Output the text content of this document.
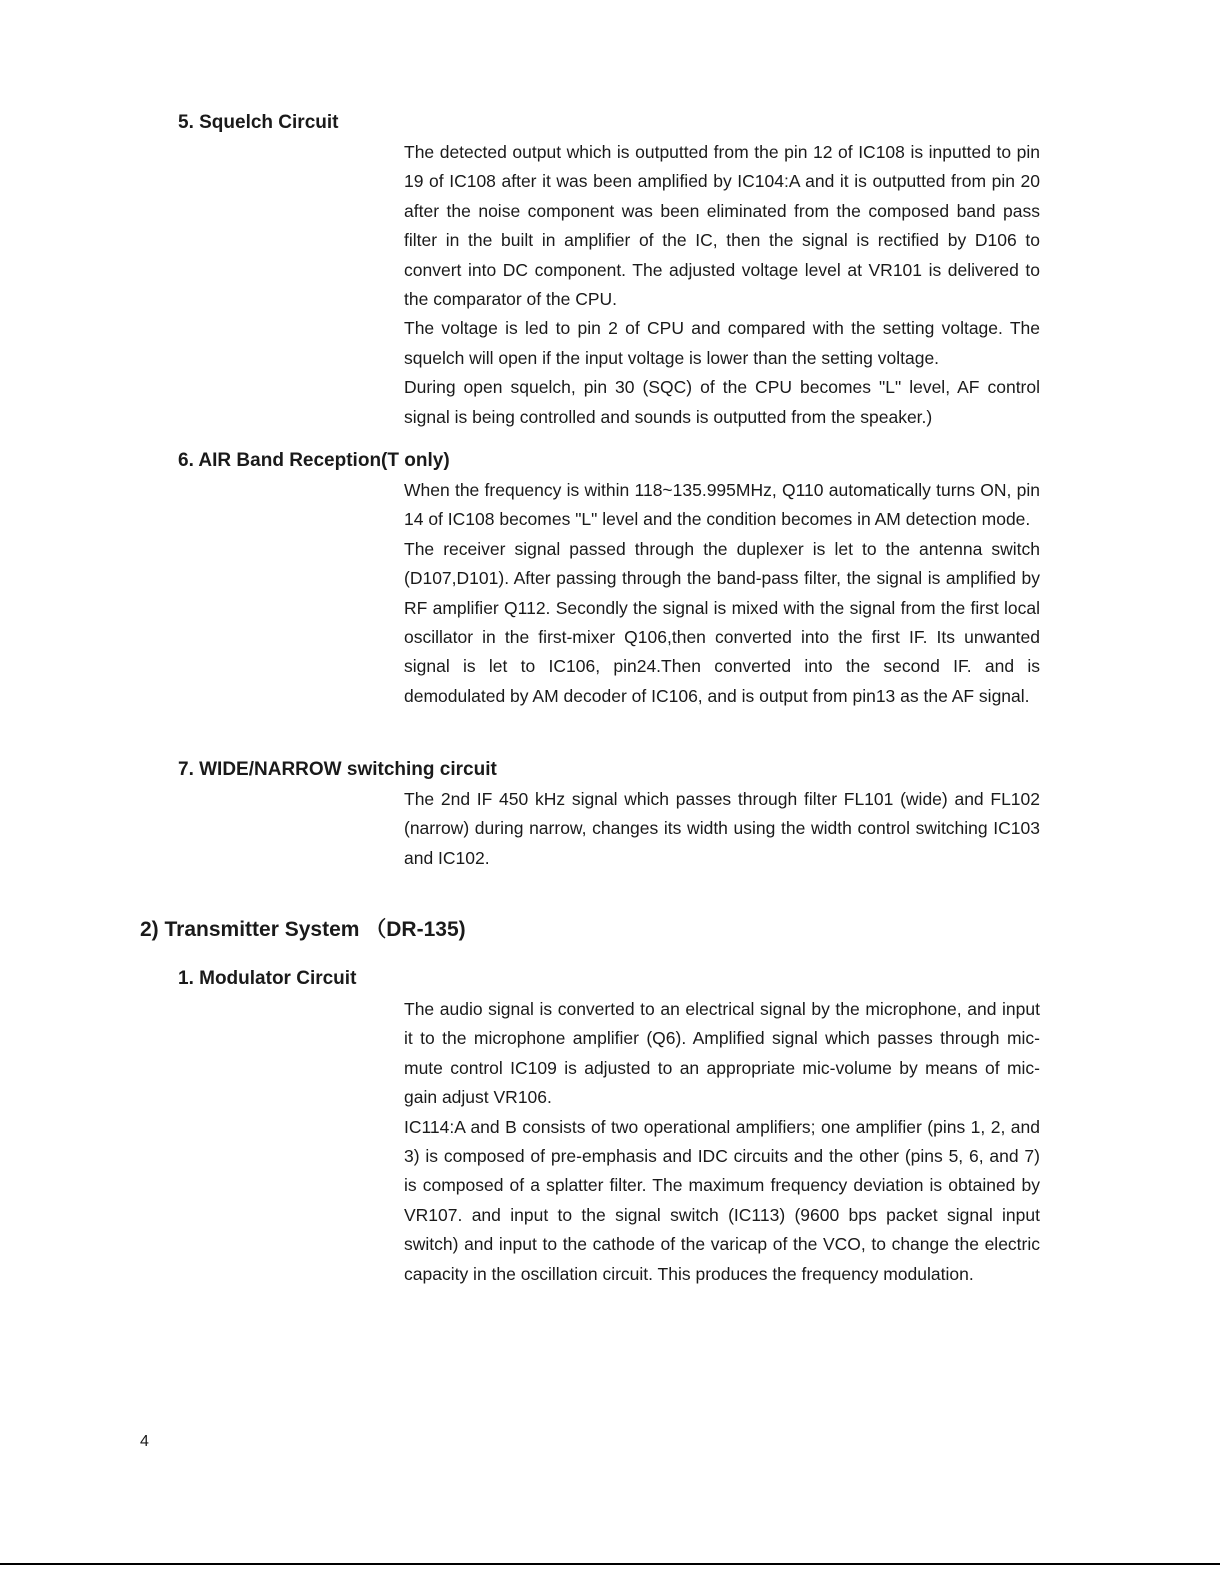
5. Squelch Circuit

The detected output which is outputted from the pin 12 of IC108 is inputted to pin 19 of IC108 after it was been amplified by IC104:A and it is outputted from pin 20 after the noise component was been eliminated from the composed band pass filter in the built in amplifier of the IC, then the signal is rectified by D106 to convert into DC component. The adjusted voltage level at VR101 is delivered to the comparator of the CPU.

The voltage is led to pin 2 of CPU and compared with the setting voltage. The squelch will open if the input voltage is lower than the setting voltage.

During open squelch, pin 30 (SQC) of the CPU becomes "L" level, AF control signal is being controlled and sounds is outputted from the speaker.)

6. AIR Band Reception(T only)

When the frequency is within 118~135.995MHz, Q110 automatically turns ON, pin 14 of IC108 becomes "L" level and the condition becomes in AM detection mode.

The receiver signal passed through the duplexer is let to the antenna switch (D107,D101). After passing through the band-pass filter, the signal is amplified by RF amplifier Q112. Secondly the signal is mixed with the signal from the first local oscillator in the first-mixer Q106,then converted into the first IF. Its unwanted signal is let to IC106, pin24.Then converted into the second IF. and is demodulated by AM decoder of IC106, and is output from pin13 as the AF signal.

7. WIDE/NARROW switching circuit

The 2nd IF 450 kHz signal which passes through filter FL101 (wide) and FL102 (narrow) during narrow, changes its width using the width control switching IC103 and IC102.

2) Transmitter System （DR-135)
1. Modulator Circuit

The audio signal is converted to an electrical signal by the microphone, and input it to the microphone amplifier (Q6). Amplified signal which passes through mic-mute control IC109 is adjusted to an appropriate mic-volume by means of mic-gain adjust VR106.

IC114:A and B consists of two operational amplifiers; one amplifier (pins 1, 2, and 3) is composed of pre-emphasis and IDC circuits and the other (pins 5, 6, and 7) is composed of a splatter filter. The maximum frequency deviation is obtained by VR107. and input to the signal switch (IC113) (9600 bps packet signal input switch) and input to the cathode of the varicap of the VCO, to change the electric capacity in the oscillation circuit. This produces the frequency modulation.

4
